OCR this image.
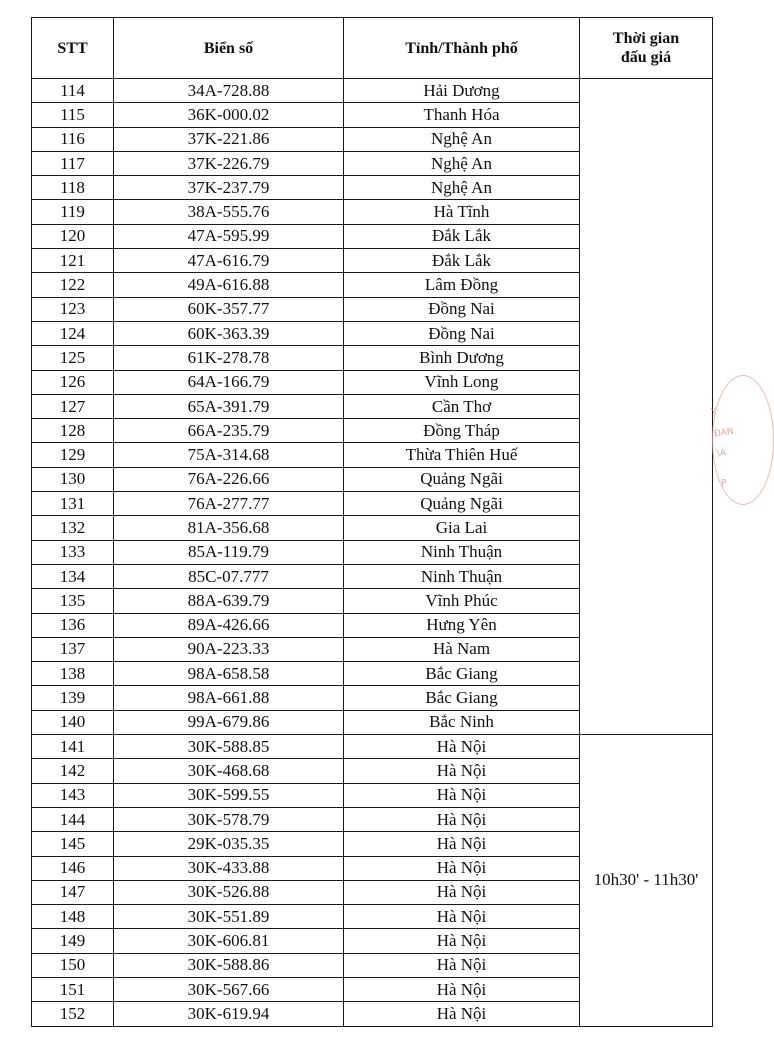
STT	Biển số	Tỉnh/Thành phố	Thời gian đấu giá
114	34A-728.88	Hải Dương	
115	36K-000.02	Thanh Hóa	
116	37K-221.86	Nghệ An	
117	37K-226.79	Nghệ An	
118	37K-237.79	Nghệ An	
119	38A-555.76	Hà Tĩnh	
120	47A-595.99	Đắk Lắk	
121	47A-616.79	Đắk Lắk	
122	49A-616.88	Lâm Đồng	
123	60K-357.77	Đồng Nai	
124	60K-363.39	Đồng Nai	
125	61K-278.78	Bình Dương	
126	64A-166.79	Vĩnh Long	
127	65A-391.79	Cần Thơ	
128	66A-235.79	Đồng Tháp	
129	75A-314.68	Thừa Thiên Huế	
130	76A-226.66	Quảng Ngãi	
131	76A-277.77	Quảng Ngãi	
132	81A-356.68	Gia Lai	
133	85A-119.79	Ninh Thuận	
134	85C-07.777	Ninh Thuận	
135	88A-639.79	Vĩnh Phúc	
136	89A-426.66	Hưng Yên	
137	90A-223.33	Hà Nam	
138	98A-658.58	Bắc Giang	
139	98A-661.88	Bắc Giang	
140	99A-679.86	Bắc Ninh	
141	30K-588.85	Hà Nội	10h30' - 11h30'
142	30K-468.68	Hà Nội	
143	30K-599.55	Hà Nội	
144	30K-578.79	Hà Nội	
145	29K-035.35	Hà Nội	
146	30K-433.88	Hà Nội	
147	30K-526.88	Hà Nội	
148	30K-551.89	Hà Nội	
149	30K-606.81	Hà Nội	
150	30K-588.86	Hà Nội	
151	30K-567.66	Hà Nội	
152	30K-619.94	Hà Nội	
Y
ĐAN
\Á
P
